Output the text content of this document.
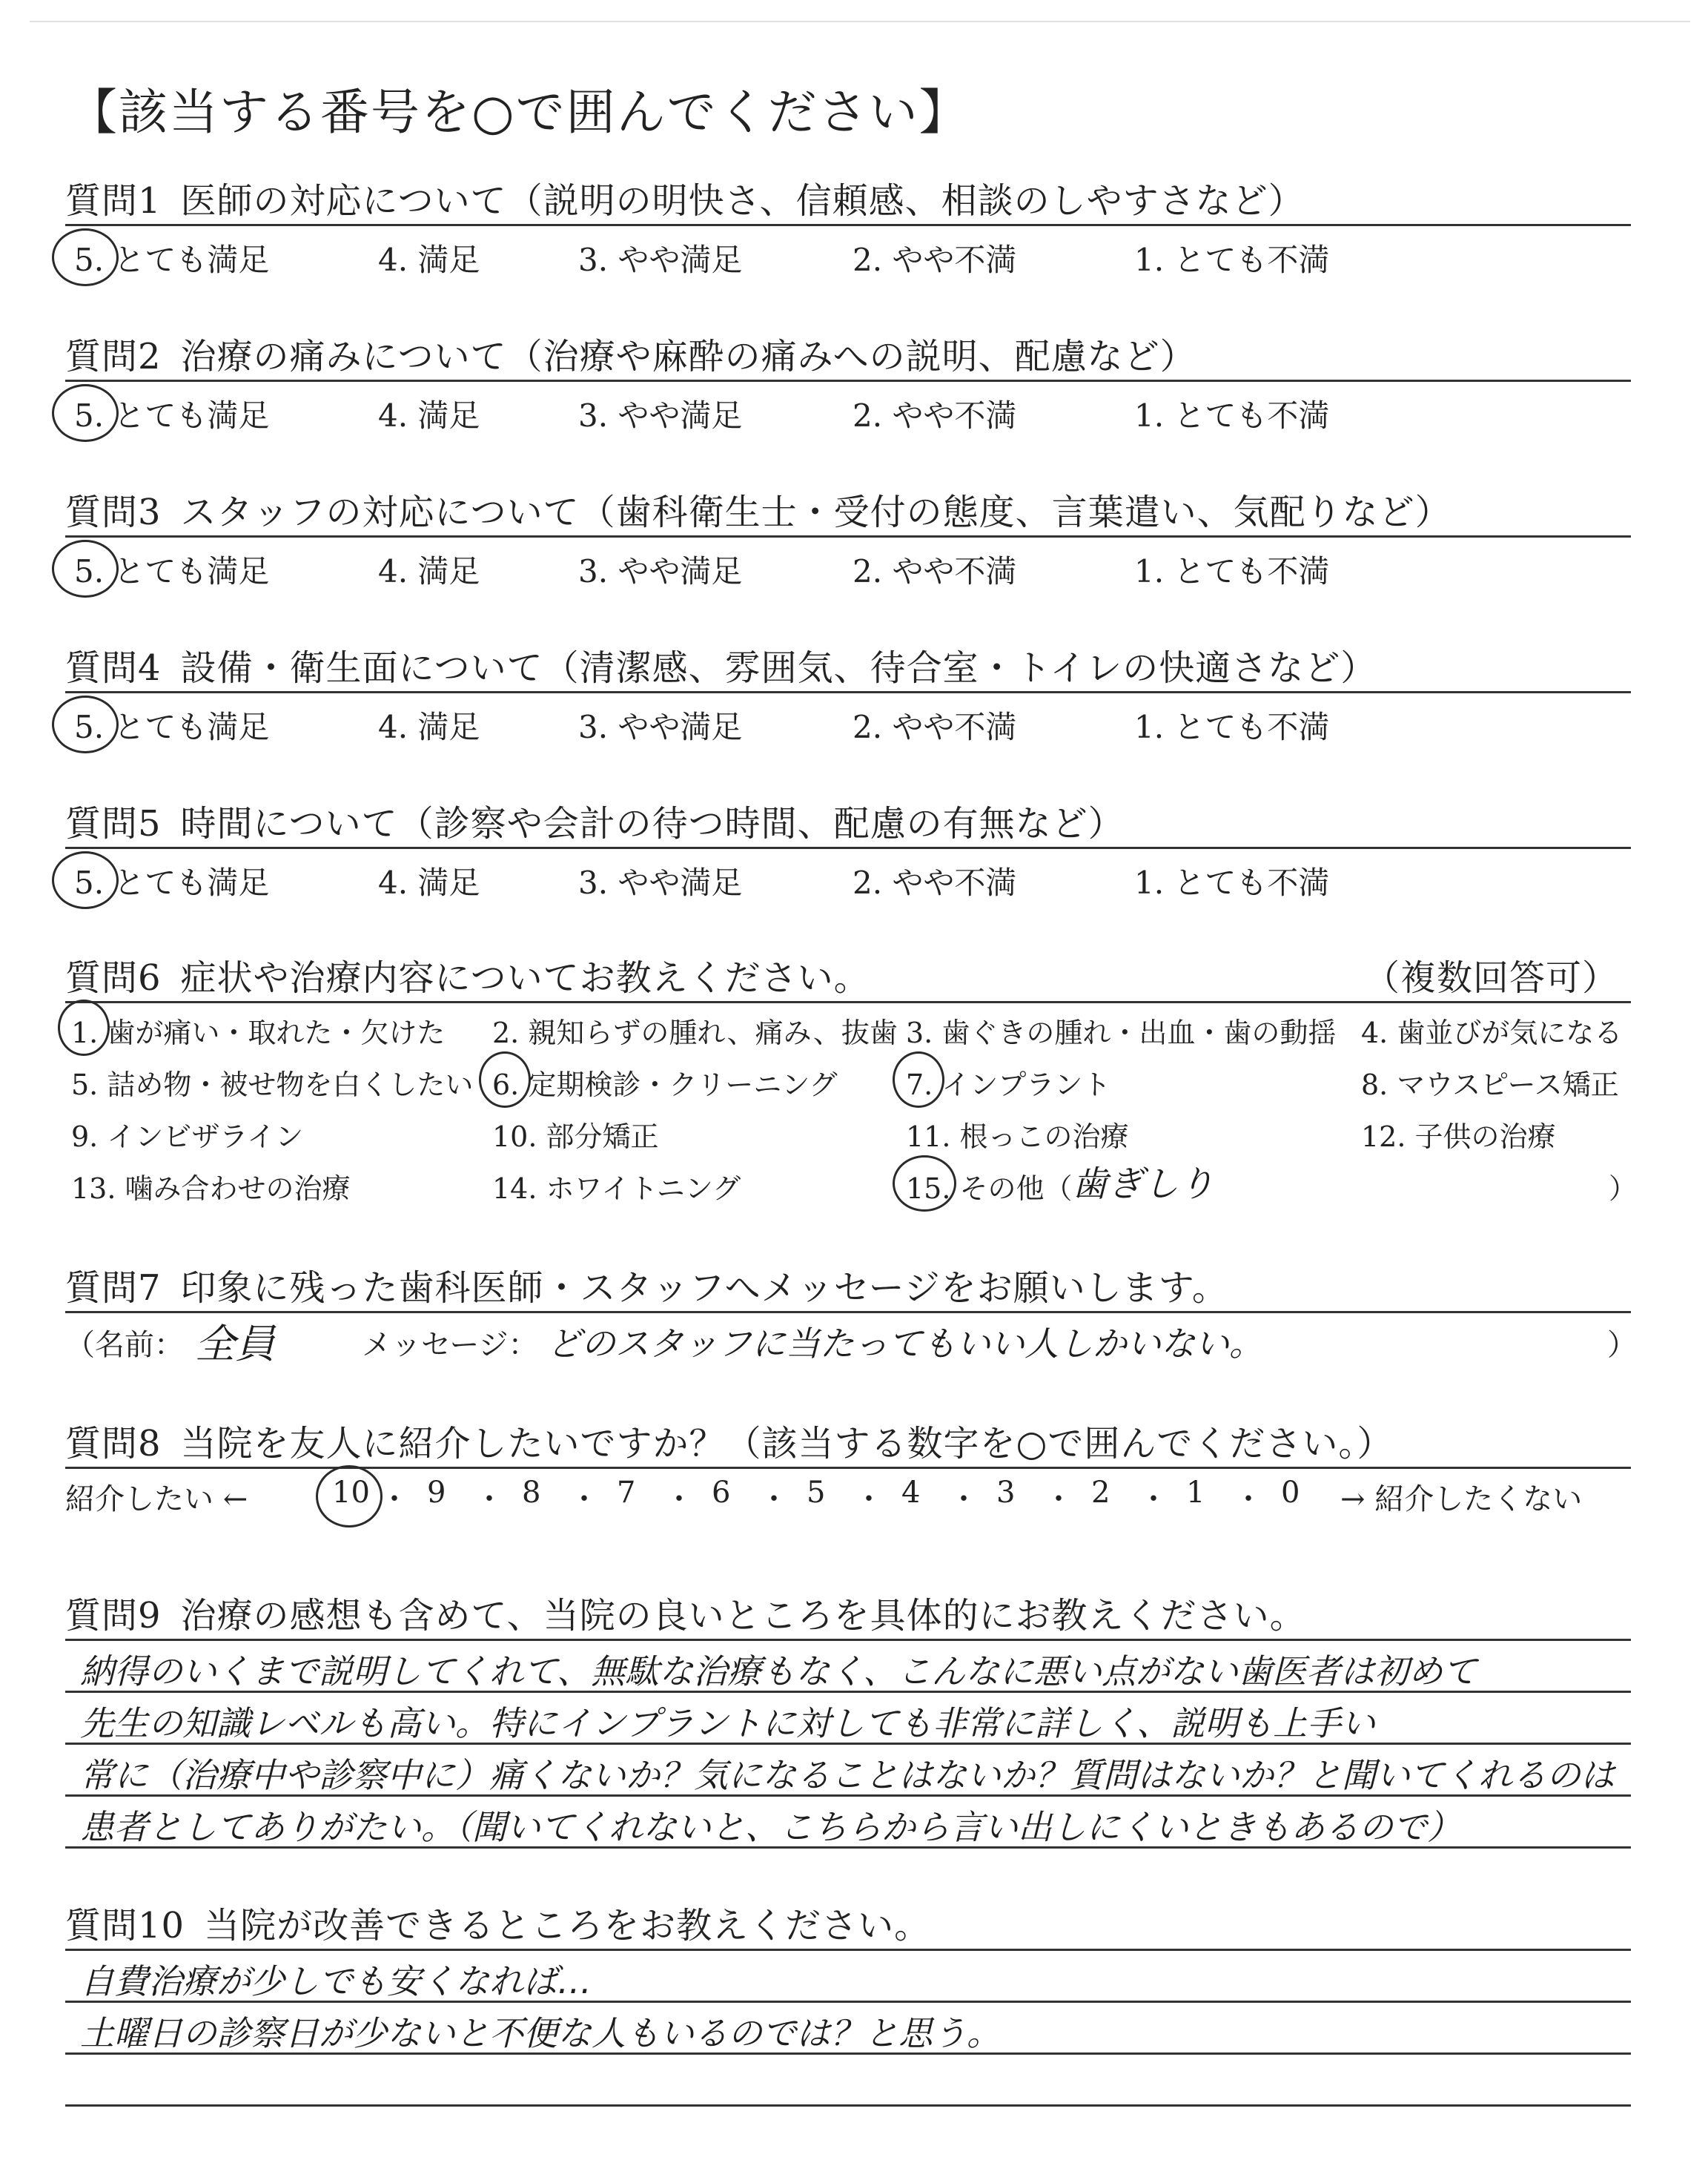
【該当する番号を○で囲んでください】
質問1 医師の対応について（説明の明快さ、信頼感、相談のしやすさなど）
5. とても満足	4. 満足	3. やや満足	2. やや不満	1. とても不満
質問2 治療の痛みについて（治療や麻酔の痛みへの説明、配慮など）
5. とても満足	4. 満足	3. やや満足	2. やや不満	1. とても不満
質問3 スタッフの対応について（歯科衛生士・受付の態度、言葉遣い、気配りなど）
5. とても満足	4. 満足	3. やや満足	2. やや不満	1. とても不満
質問4 設備・衛生面について（清潔感、雰囲気、待合室・トイレの快適さなど）
5. とても満足	4. 満足	3. やや満足	2. やや不満	1. とても不満
質問5 時間について（診察や会計の待つ時間、配慮の有無など）
5. とても満足	4. 満足	3. やや満足	2. やや不満	1. とても不満
質問6 症状や治療内容についてお教えください。	（複数回答可）
1. 歯が痛い・取れた・欠けた 2. 親知らずの腫れ、痛み、抜歯 3. 歯ぐきの腫れ・出血・歯の動揺 4. 歯並びが気になる
5. 詰め物・被せ物を白くしたい 6. 定期検診・クリーニング 7. インプラント	8. マウスピース矯正
9. インビザライン	10. 部分矯正	11. 根っこの治療	12. 子供の治療
13. 噛み合わせの治療	14. ホワイトニング	15. その他（ 歯ぎしり	）
質問7 印象に残った歯科医師・スタッフへメッセージをお願いします。
（名前： 全員	メッセージ： どのスタッフに当たってもいい人しかいない。	）
質問8 当院を友人に紹介したいですか？（該当する数字を○で囲んでください。）
紹介したい ←	→ 紹介したくない
10 ・ 9 ・ 8 ・ 7 ・ 6 ・ 5 ・ 4 ・ 3 ・ 2 ・ 1 ・ 0
質問9 治療の感想も含めて、当院の良いところを具体的にお教えください。
納得のいくまで説明してくれて、無駄な治療もなく、こんなに悪い点がない歯医者は初めて
先生の知識レベルも高い。特にインプラントに対しても非常に詳しく、説明も上手い
常に（治療中や診察中に）痛くないか？気になることはないか？質問はないか？と聞いてくれるのは
患者としてありがたい。（聞いてくれないと、こちらから言い出しにくいときもあるので）
質問10 当院が改善できるところをお教えください。
自費治療が少しでも安くなれば…
土曜日の診察日が少ないと不便な人もいるのでは？と思う。
